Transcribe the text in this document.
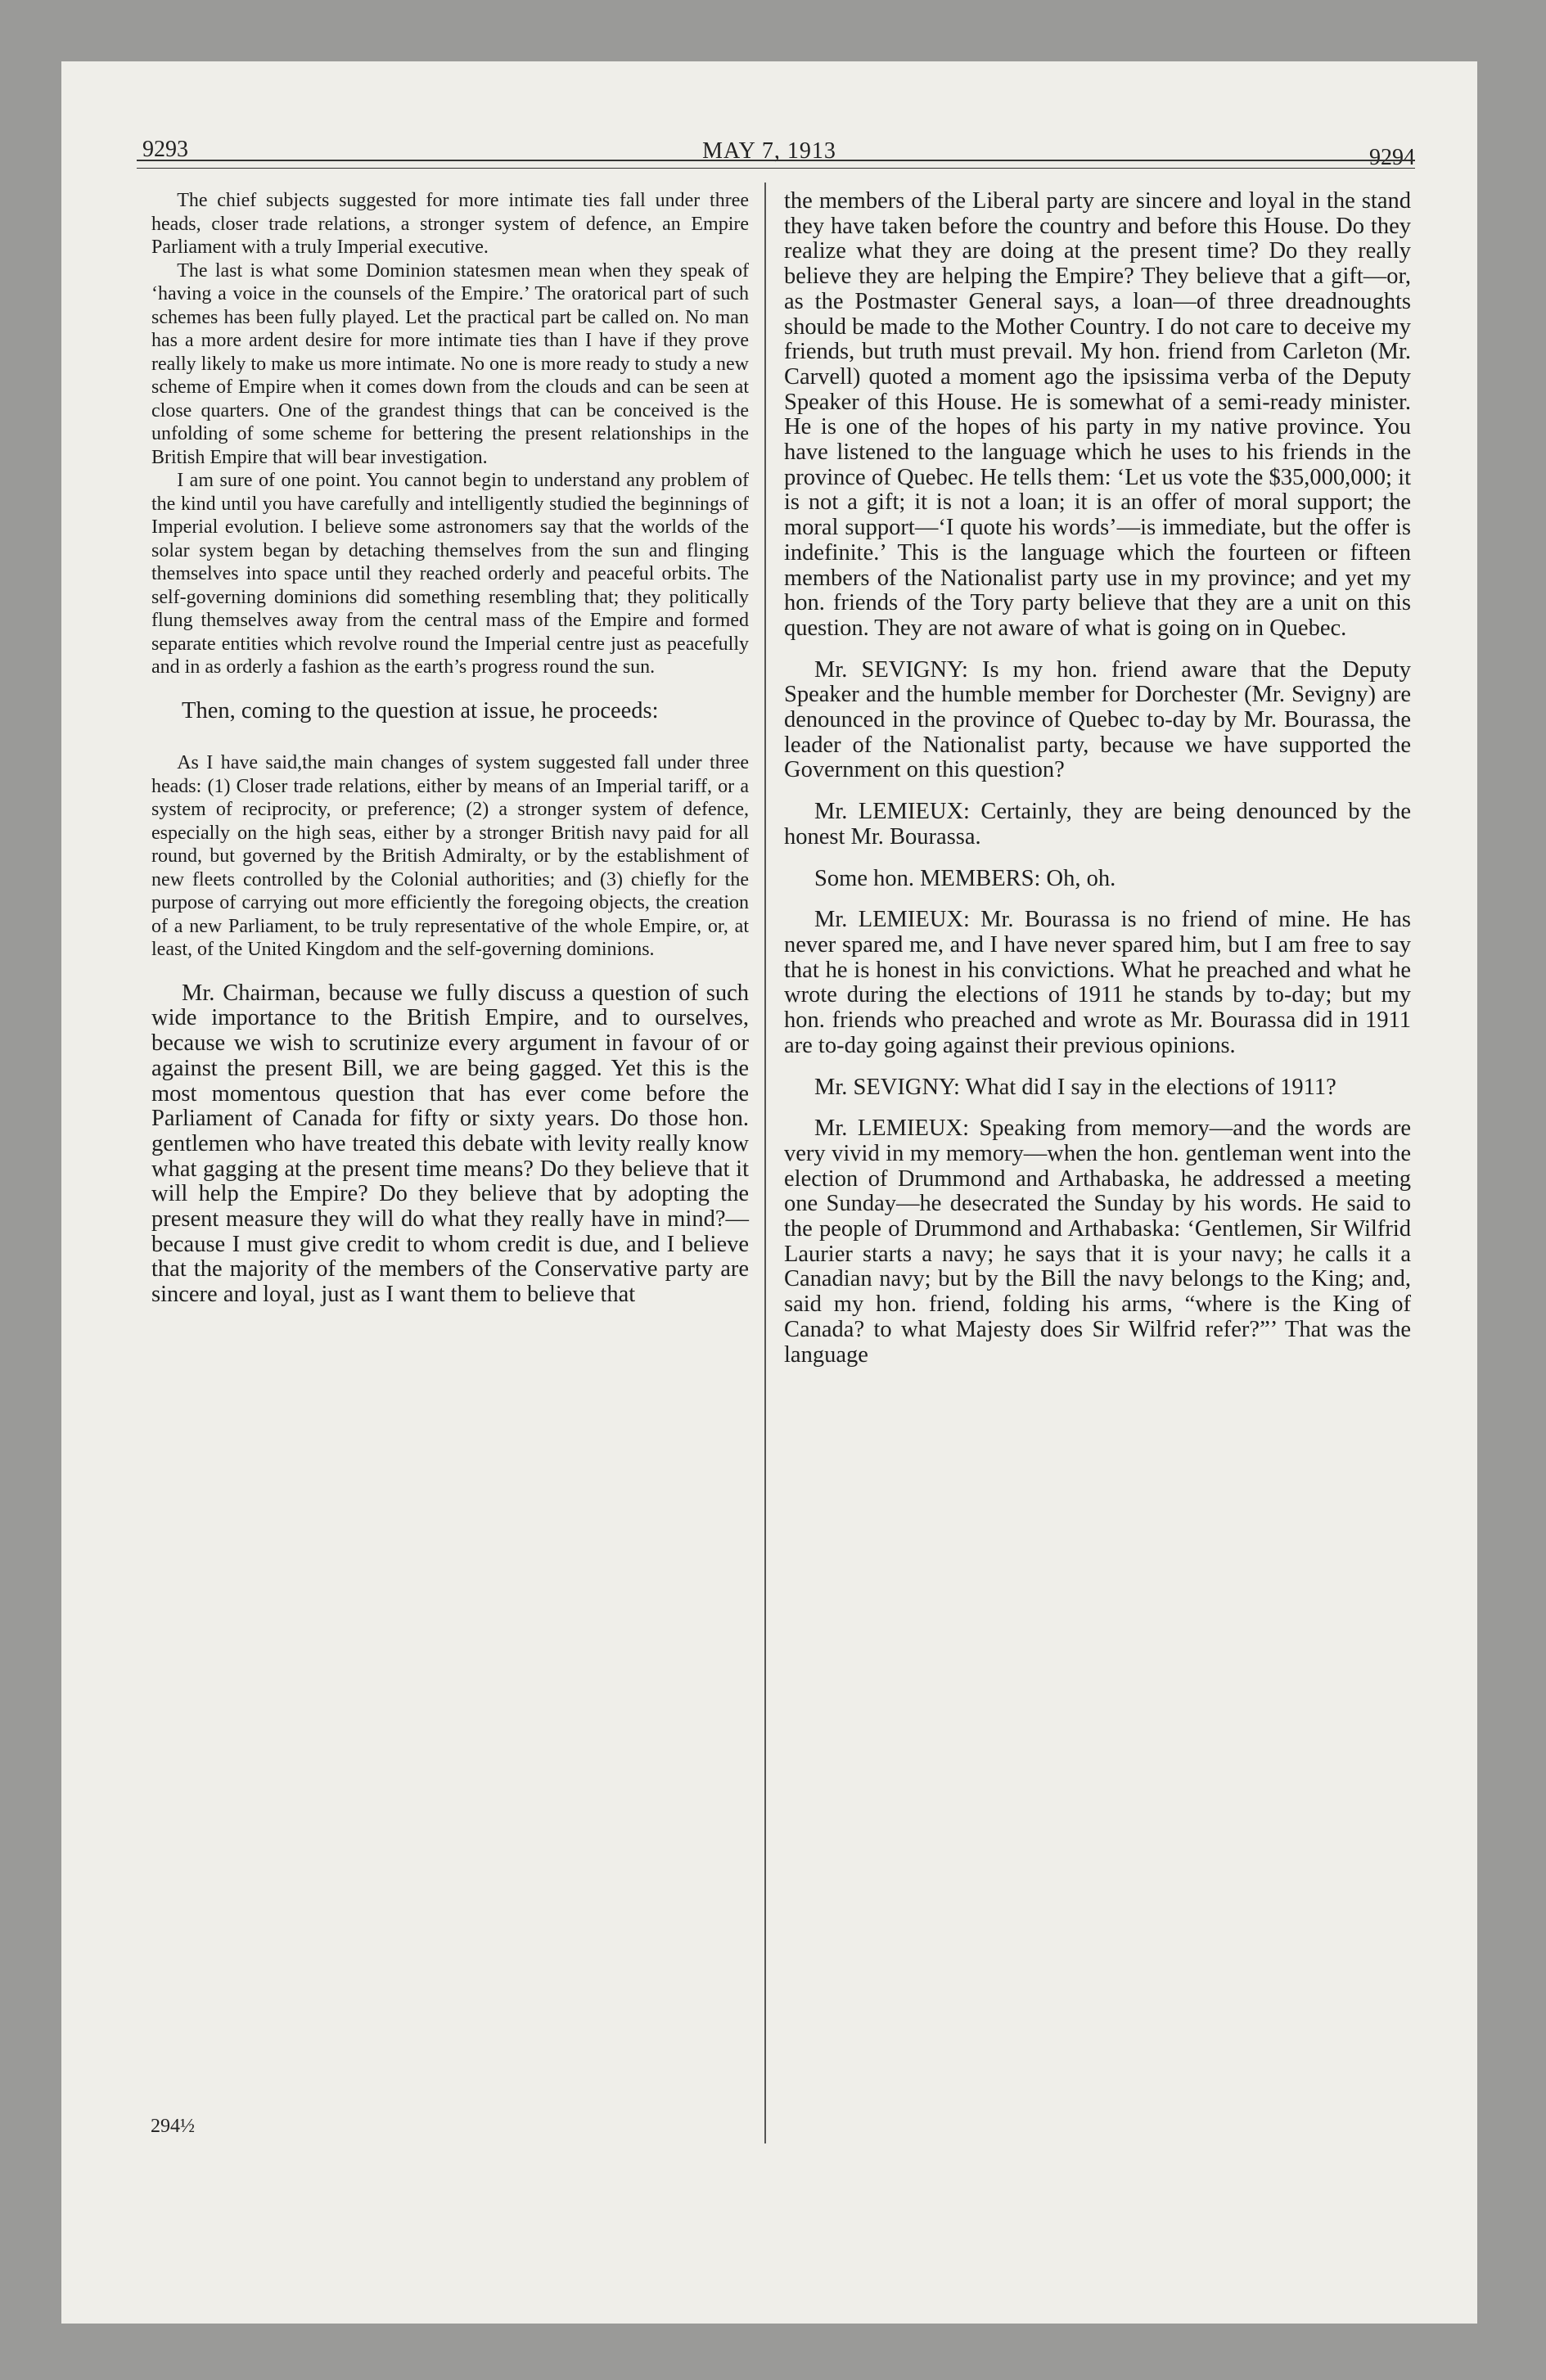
9293	MAY 7, 1913	9294

The chief subjects suggested for more intimate ties fall under three heads, closer trade relations, a stronger system of defence, an Empire Parliament with a truly Imperial executive.

The last is what some Dominion statesmen mean when they speak of ‘having a voice in the counsels of the Empire.’ The oratorical part of such schemes has been fully played. Let the practical part be called on. No man has a more ardent desire for more intimate ties than I have if they prove really likely to make us more intimate. No one is more ready to study a new scheme of Empire when it comes down from the clouds and can be seen at close quarters. One of the grandest things that can be conceived is the unfolding of some scheme for bettering the present relationships in the British Empire that will bear investigation.

I am sure of one point. You cannot begin to understand any problem of the kind until you have carefully and intelligently studied the beginnings of Imperial evolution. I believe some astronomers say that the worlds of the solar system began by detaching themselves from the sun and flinging themselves into space until they reached orderly and peaceful orbits. The self-governing dominions did something resembling that; they politically flung themselves away from the central mass of the Empire and formed separate entities which revolve round the Imperial centre just as peacefully and in as orderly a fashion as the earth’s progress round the sun.

Then, coming to the question at issue, he proceeds:

As I have said,the main changes of system suggested fall under three heads: (1) Closer trade relations, either by means of an Imperial tariff, or a system of reciprocity, or preference; (2) a stronger system of defence, especially on the high seas, either by a stronger British navy paid for all round, but governed by the British Admiralty, or by the establishment of new fleets controlled by the Colonial authorities; and (3) chiefly for the purpose of carrying out more efficiently the foregoing objects, the creation of a new Parliament, to be truly representative of the whole Empire, or, at least, of the United Kingdom and the self-governing dominions.

Mr. Chairman, because we fully discuss a question of such wide importance to the British Empire, and to ourselves, because we wish to scrutinize every argument in favour of or against the present Bill, we are being gagged. Yet this is the most momentous question that has ever come before the Parliament of Canada for fifty or sixty years. Do those hon. gentlemen who have treated this debate with levity really know what gagging at the present time means? Do they believe that it will help the Empire? Do they believe that by adopting the present measure they will do what they really have in mind?—because I must give credit to whom credit is due, and I believe that the majority of the members of the Conservative party are sincere and loyal, just as I want them to believe that

the members of the Liberal party are sincere and loyal in the stand they have taken before the country and before this House. Do they realize what they are doing at the present time? Do they really believe they are helping the Empire? They believe that a gift—or, as the Postmaster General says, a loan—of three dreadnoughts should be made to the Mother Country. I do not care to deceive my friends, but truth must prevail. My hon. friend from Carleton (Mr. Carvell) quoted a moment ago the ipsissima verba of the Deputy Speaker of this House. He is somewhat of a semi-ready minister. He is one of the hopes of his party in my native province. You have listened to the language which he uses to his friends in the province of Quebec. He tells them: ‘Let us vote the $35,000,000; it is not a gift; it is not a loan; it is an offer of moral support; the moral support—‘I quote his words’—is immediate, but the offer is indefinite.’ This is the language which the fourteen or fifteen members of the Nationalist party use in my province; and yet my hon. friends of the Tory party believe that they are a unit on this question. They are not aware of what is going on in Quebec.

Mr. SEVIGNY: Is my hon. friend aware that the Deputy Speaker and the humble member for Dorchester (Mr. Sevigny) are denounced in the province of Quebec to-day by Mr. Bourassa, the leader of the Nationalist party, because we have supported the Government on this question?

Mr. LEMIEUX: Certainly, they are being denounced by the honest Mr. Bourassa.

Some hon. MEMBERS: Oh, oh.

Mr. LEMIEUX: Mr. Bourassa is no friend of mine. He has never spared me, and I have never spared him, but I am free to say that he is honest in his convictions. What he preached and what he wrote during the elections of 1911 he stands by to-day; but my hon. friends who preached and wrote as Mr. Bourassa did in 1911 are to-day going against their previous opinions.

Mr. SEVIGNY: What did I say in the elections of 1911?

Mr. LEMIEUX: Speaking from memory—and the words are very vivid in my memory—when the hon. gentleman went into the election of Drummond and Arthabaska, he addressed a meeting one Sunday—he desecrated the Sunday by his words. He said to the people of Drummond and Arthabaska: ‘Gentlemen, Sir Wilfrid Laurier starts a navy; he says that it is your navy; he calls it a Canadian navy; but by the Bill the navy belongs to the King; and, said my hon. friend, folding his arms, “where is the King of Canada? to what Majesty does Sir Wilfrid refer?”’ That was the language

294½
